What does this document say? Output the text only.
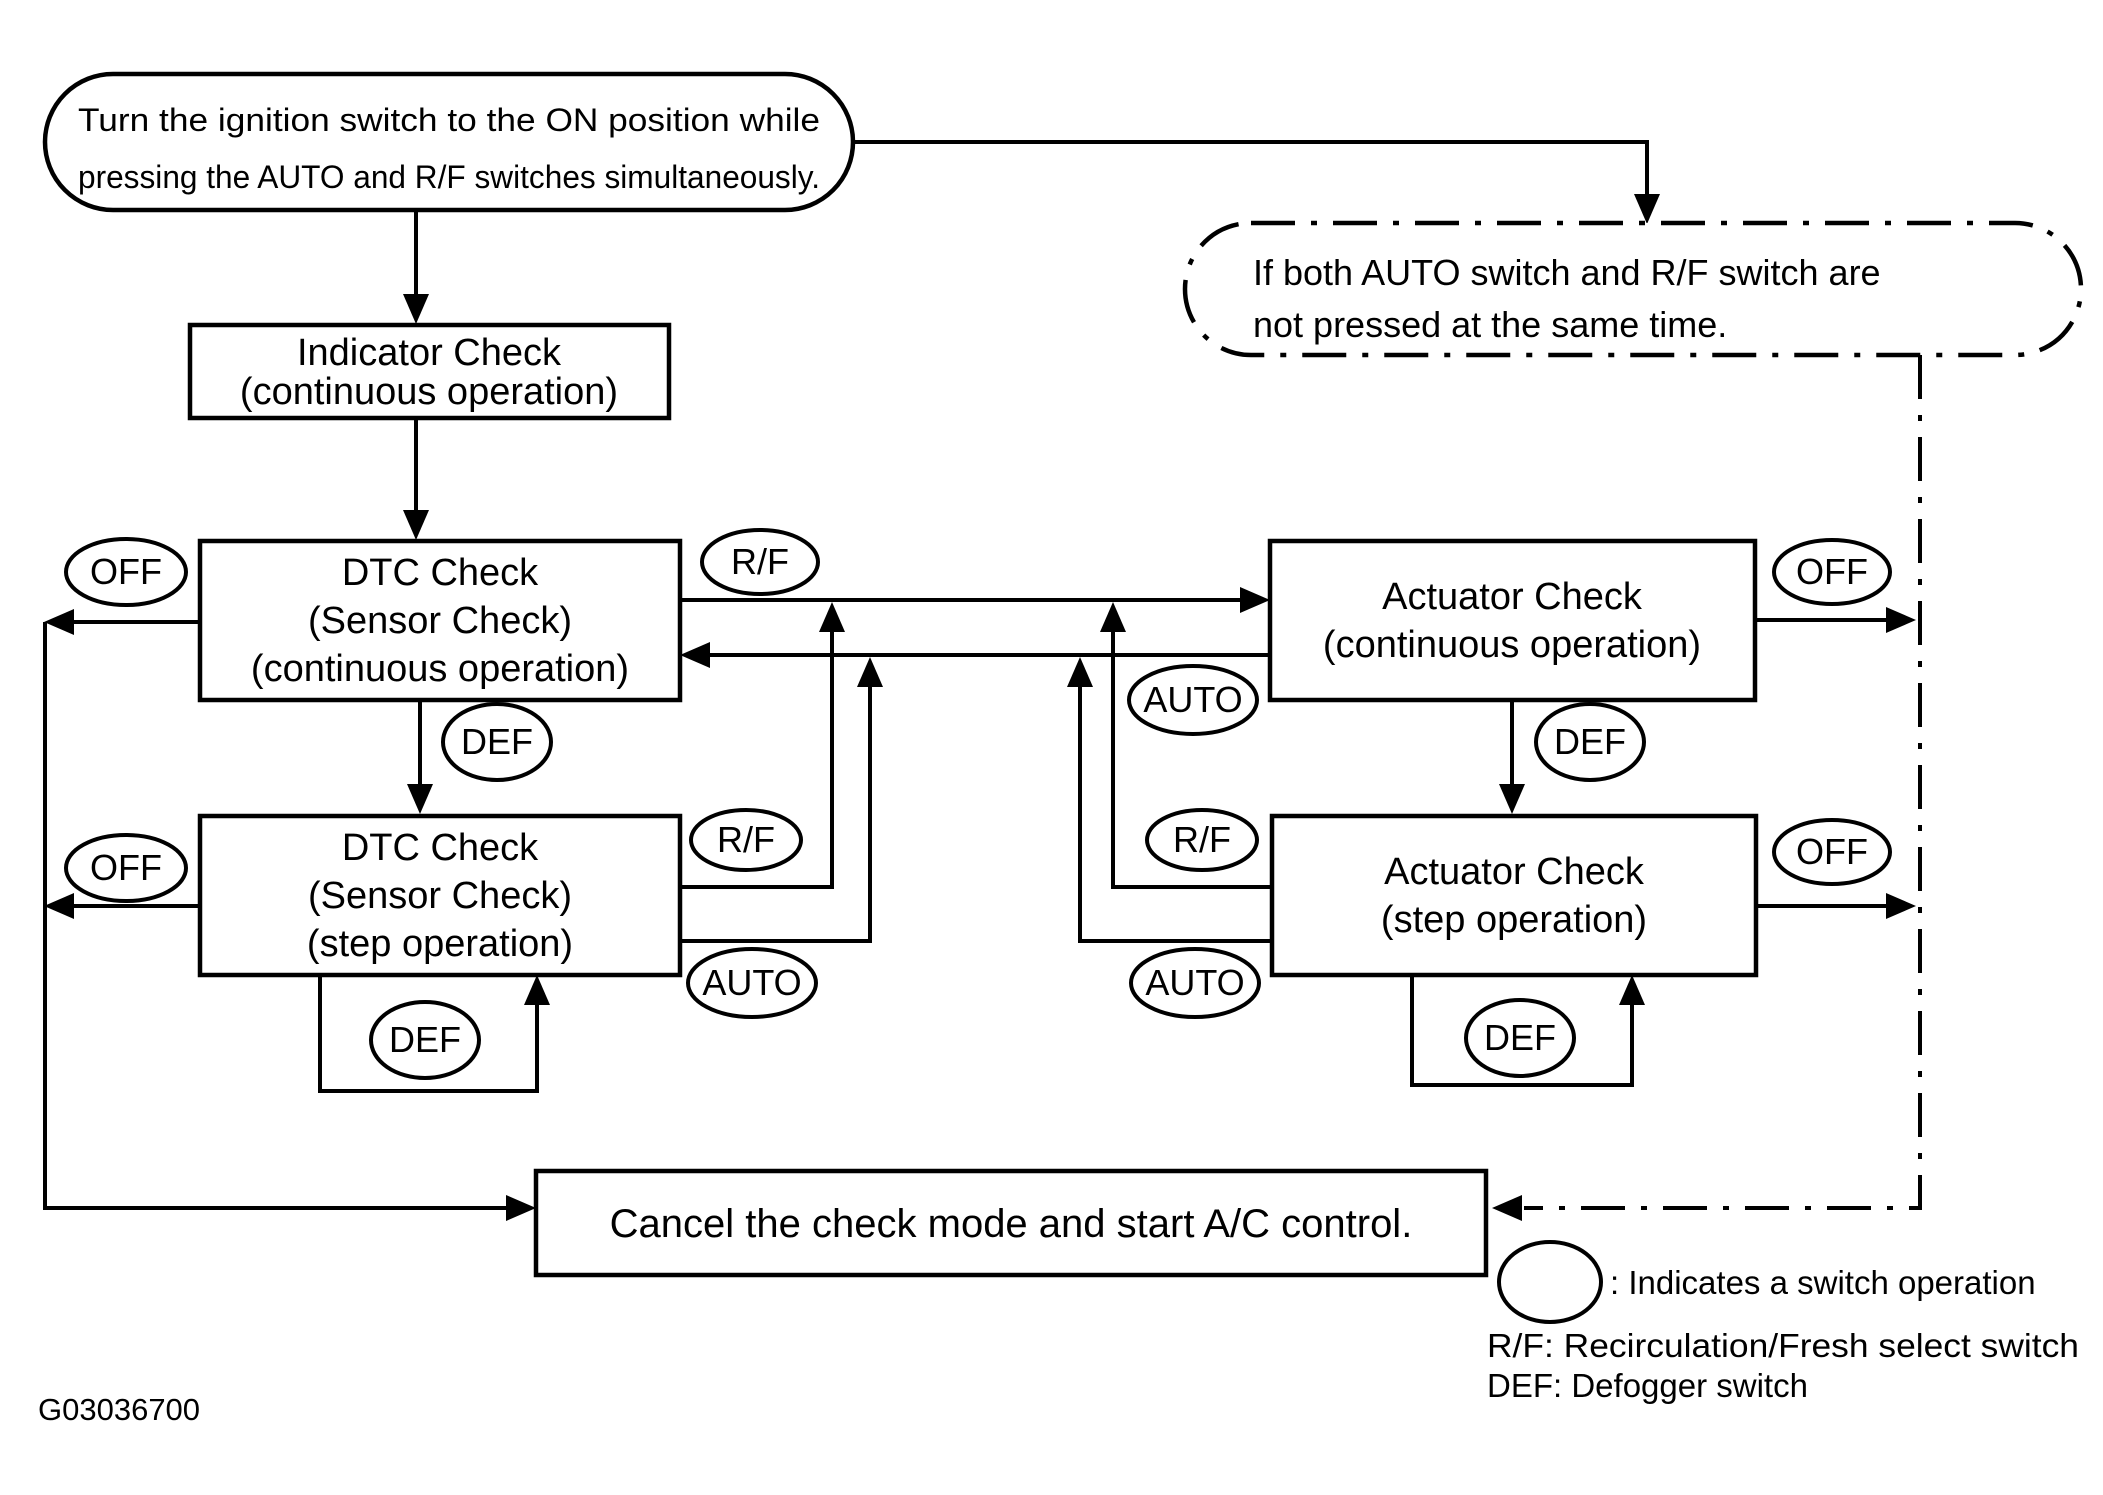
Turn the ignition switch to the ON position while
pressing the AUTO and R/F switches simultaneously.
If both AUTO switch and R/F switch are
not pressed at the same time.
Indicator Check
(continuous operation)
DTC Check
(Sensor Check)
(continuous operation)
DTC Check
(Sensor Check)
(step operation)
Actuator Check
(continuous operation)
Actuator Check
(step operation)
Cancel the check mode and start A/C control.
OFF	R/F	OFF
AUTO
DEF	DEF
OFF
R/F	R/F	OFF
AUTO	AUTO
DEF	DEF
: Indicates a switch operation
R/F: Recirculation/Fresh select switch
DEF: Defogger switch
G03036700
